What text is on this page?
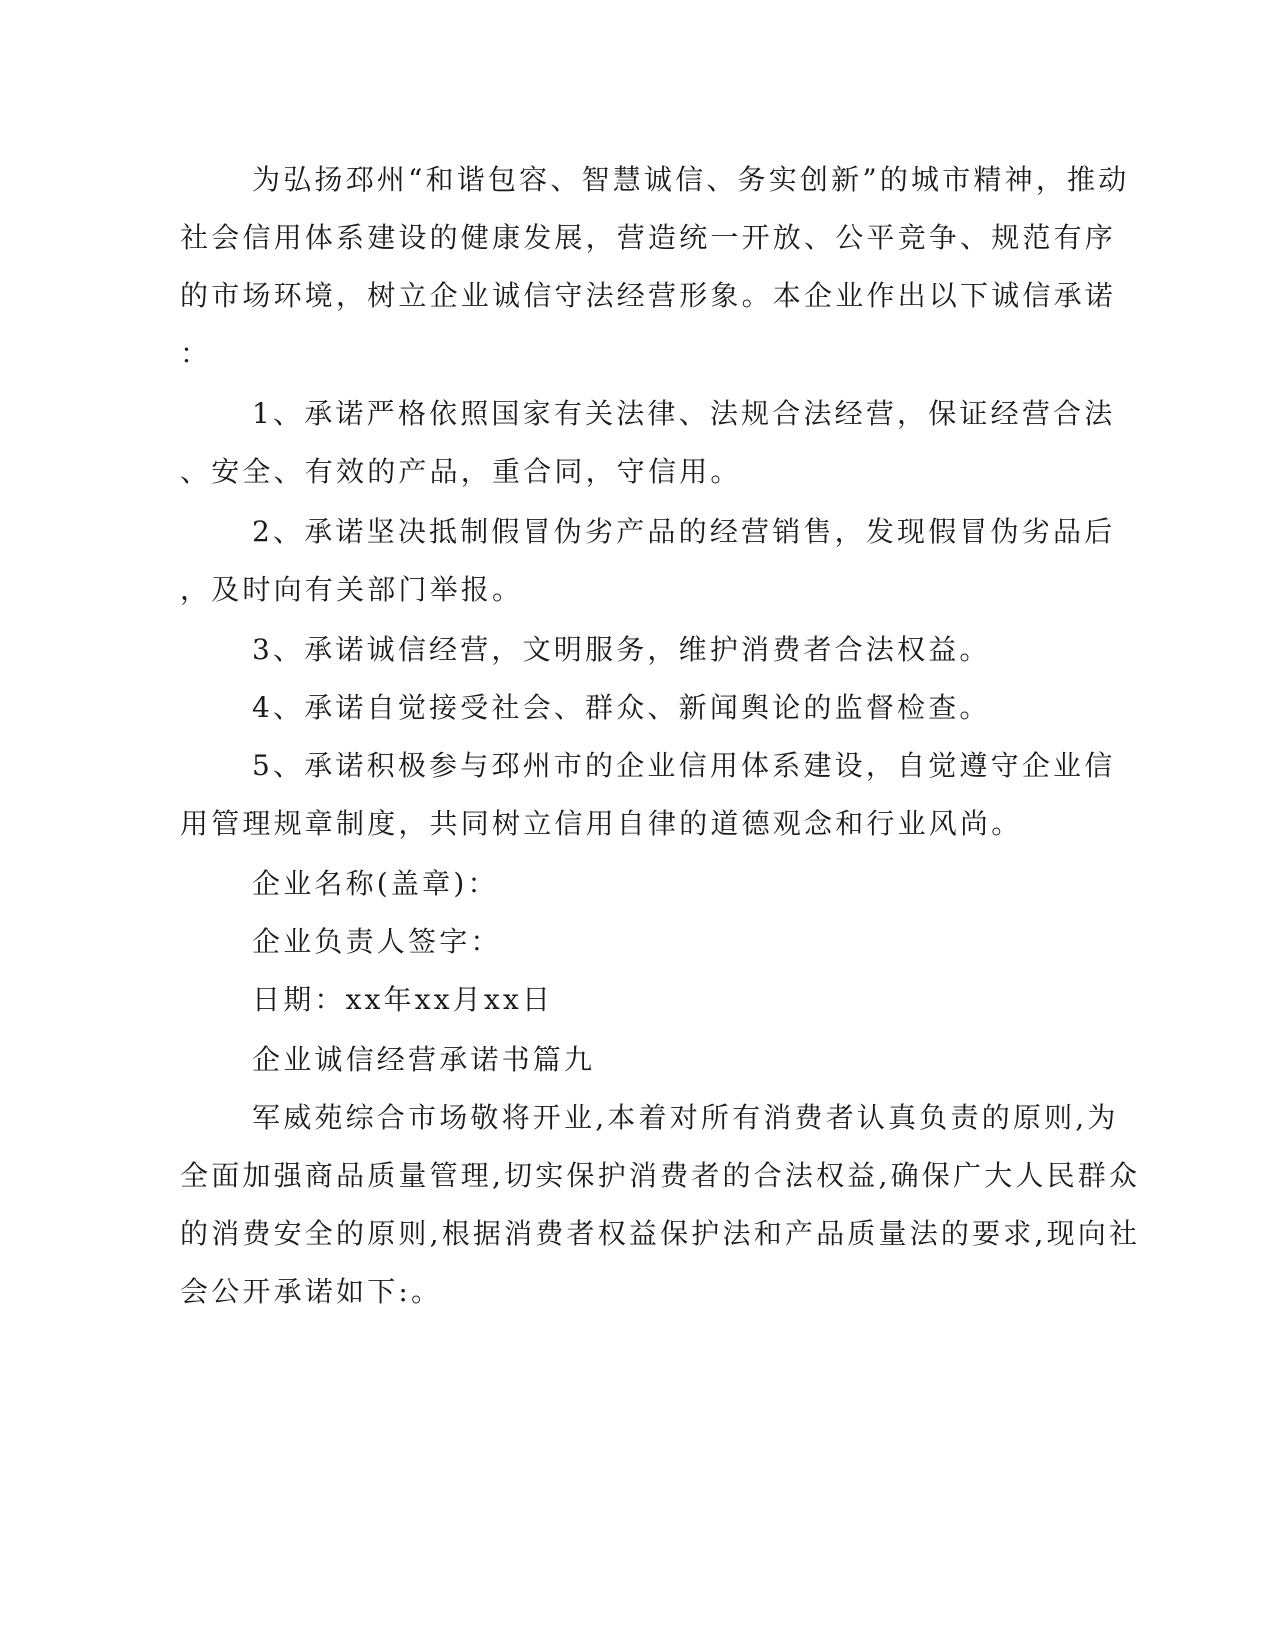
为弘扬邳州“和谐包容、智慧诚信、务实创新”的城市精神，推动
社会信用体系建设的健康发展，营造统一开放、公平竞争、规范有序
的市场环境，树立企业诚信守法经营形象。本企业作出以下诚信承诺
：
1、承诺严格依照国家有关法律、法规合法经营，保证经营合法
、安全、有效的产品，重合同，守信用。
2、承诺坚决抵制假冒伪劣产品的经营销售，发现假冒伪劣品后
，及时向有关部门举报。
3、承诺诚信经营，文明服务，维护消费者合法权益。
4、承诺自觉接受社会、群众、新闻舆论的监督检查。
5、承诺积极参与邳州市的企业信用体系建设，自觉遵守企业信
用管理规章制度，共同树立信用自律的道德观念和行业风尚。
企业名称(盖章)：
企业负责人签字：
日期：xx年xx月xx日
企业诚信经营承诺书篇九
军威苑综合市场敬将开业,本着对所有消费者认真负责的原则,为
全面加强商品质量管理,切实保护消费者的合法权益,确保广大人民群众
的消费安全的原则,根据消费者权益保护法和产品质量法的要求,现向社
会公开承诺如下:。
